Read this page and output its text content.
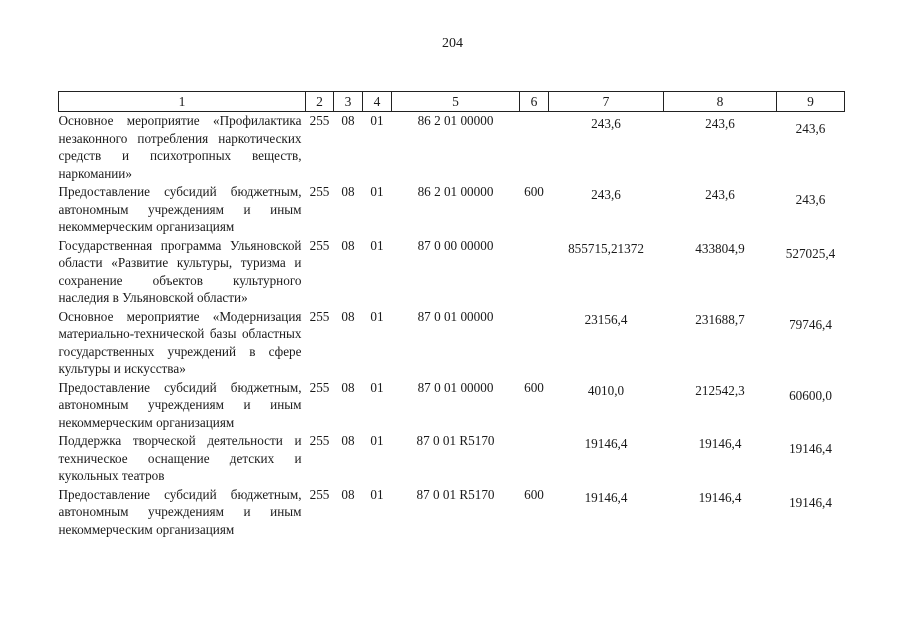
204
1	2	3	4	5	6	7	8	9
Основное мероприятие «Профилактика незаконного потребления наркотических средств и психотропных веществ, наркомании»	255	08	01	86 2 01 00000		243,6	243,6	243,6
Предоставление субсидий бюджетным, автономным учреждениям и иным некоммерческим организациям	255	08	01	86 2 01 00000	600	243,6	243,6	243,6
Государственная программа Ульяновской области «Развитие культуры, туризма и сохранение объектов культурного наследия в Ульяновской области»	255	08	01	87 0 00 00000		855715,21372	433804,9	527025,4
Основное мероприятие «Модернизация материально-технической базы областных государственных учреждений в сфере культуры и искусства»	255	08	01	87 0 01 00000		23156,4	231688,7	79746,4
Предоставление субсидий бюджетным, автономным учреждениям и иным некоммерческим организациям	255	08	01	87 0 01 00000	600	4010,0	212542,3	60600,0
Поддержка творческой деятельности и техническое оснащение детских и кукольных театров	255	08	01	87 0 01 R5170		19146,4	19146,4	19146,4
Предоставление субсидий бюджетным, автономным учреждениям и иным некоммерческим организациям	255	08	01	87 0 01 R5170	600	19146,4	19146,4	19146,4
